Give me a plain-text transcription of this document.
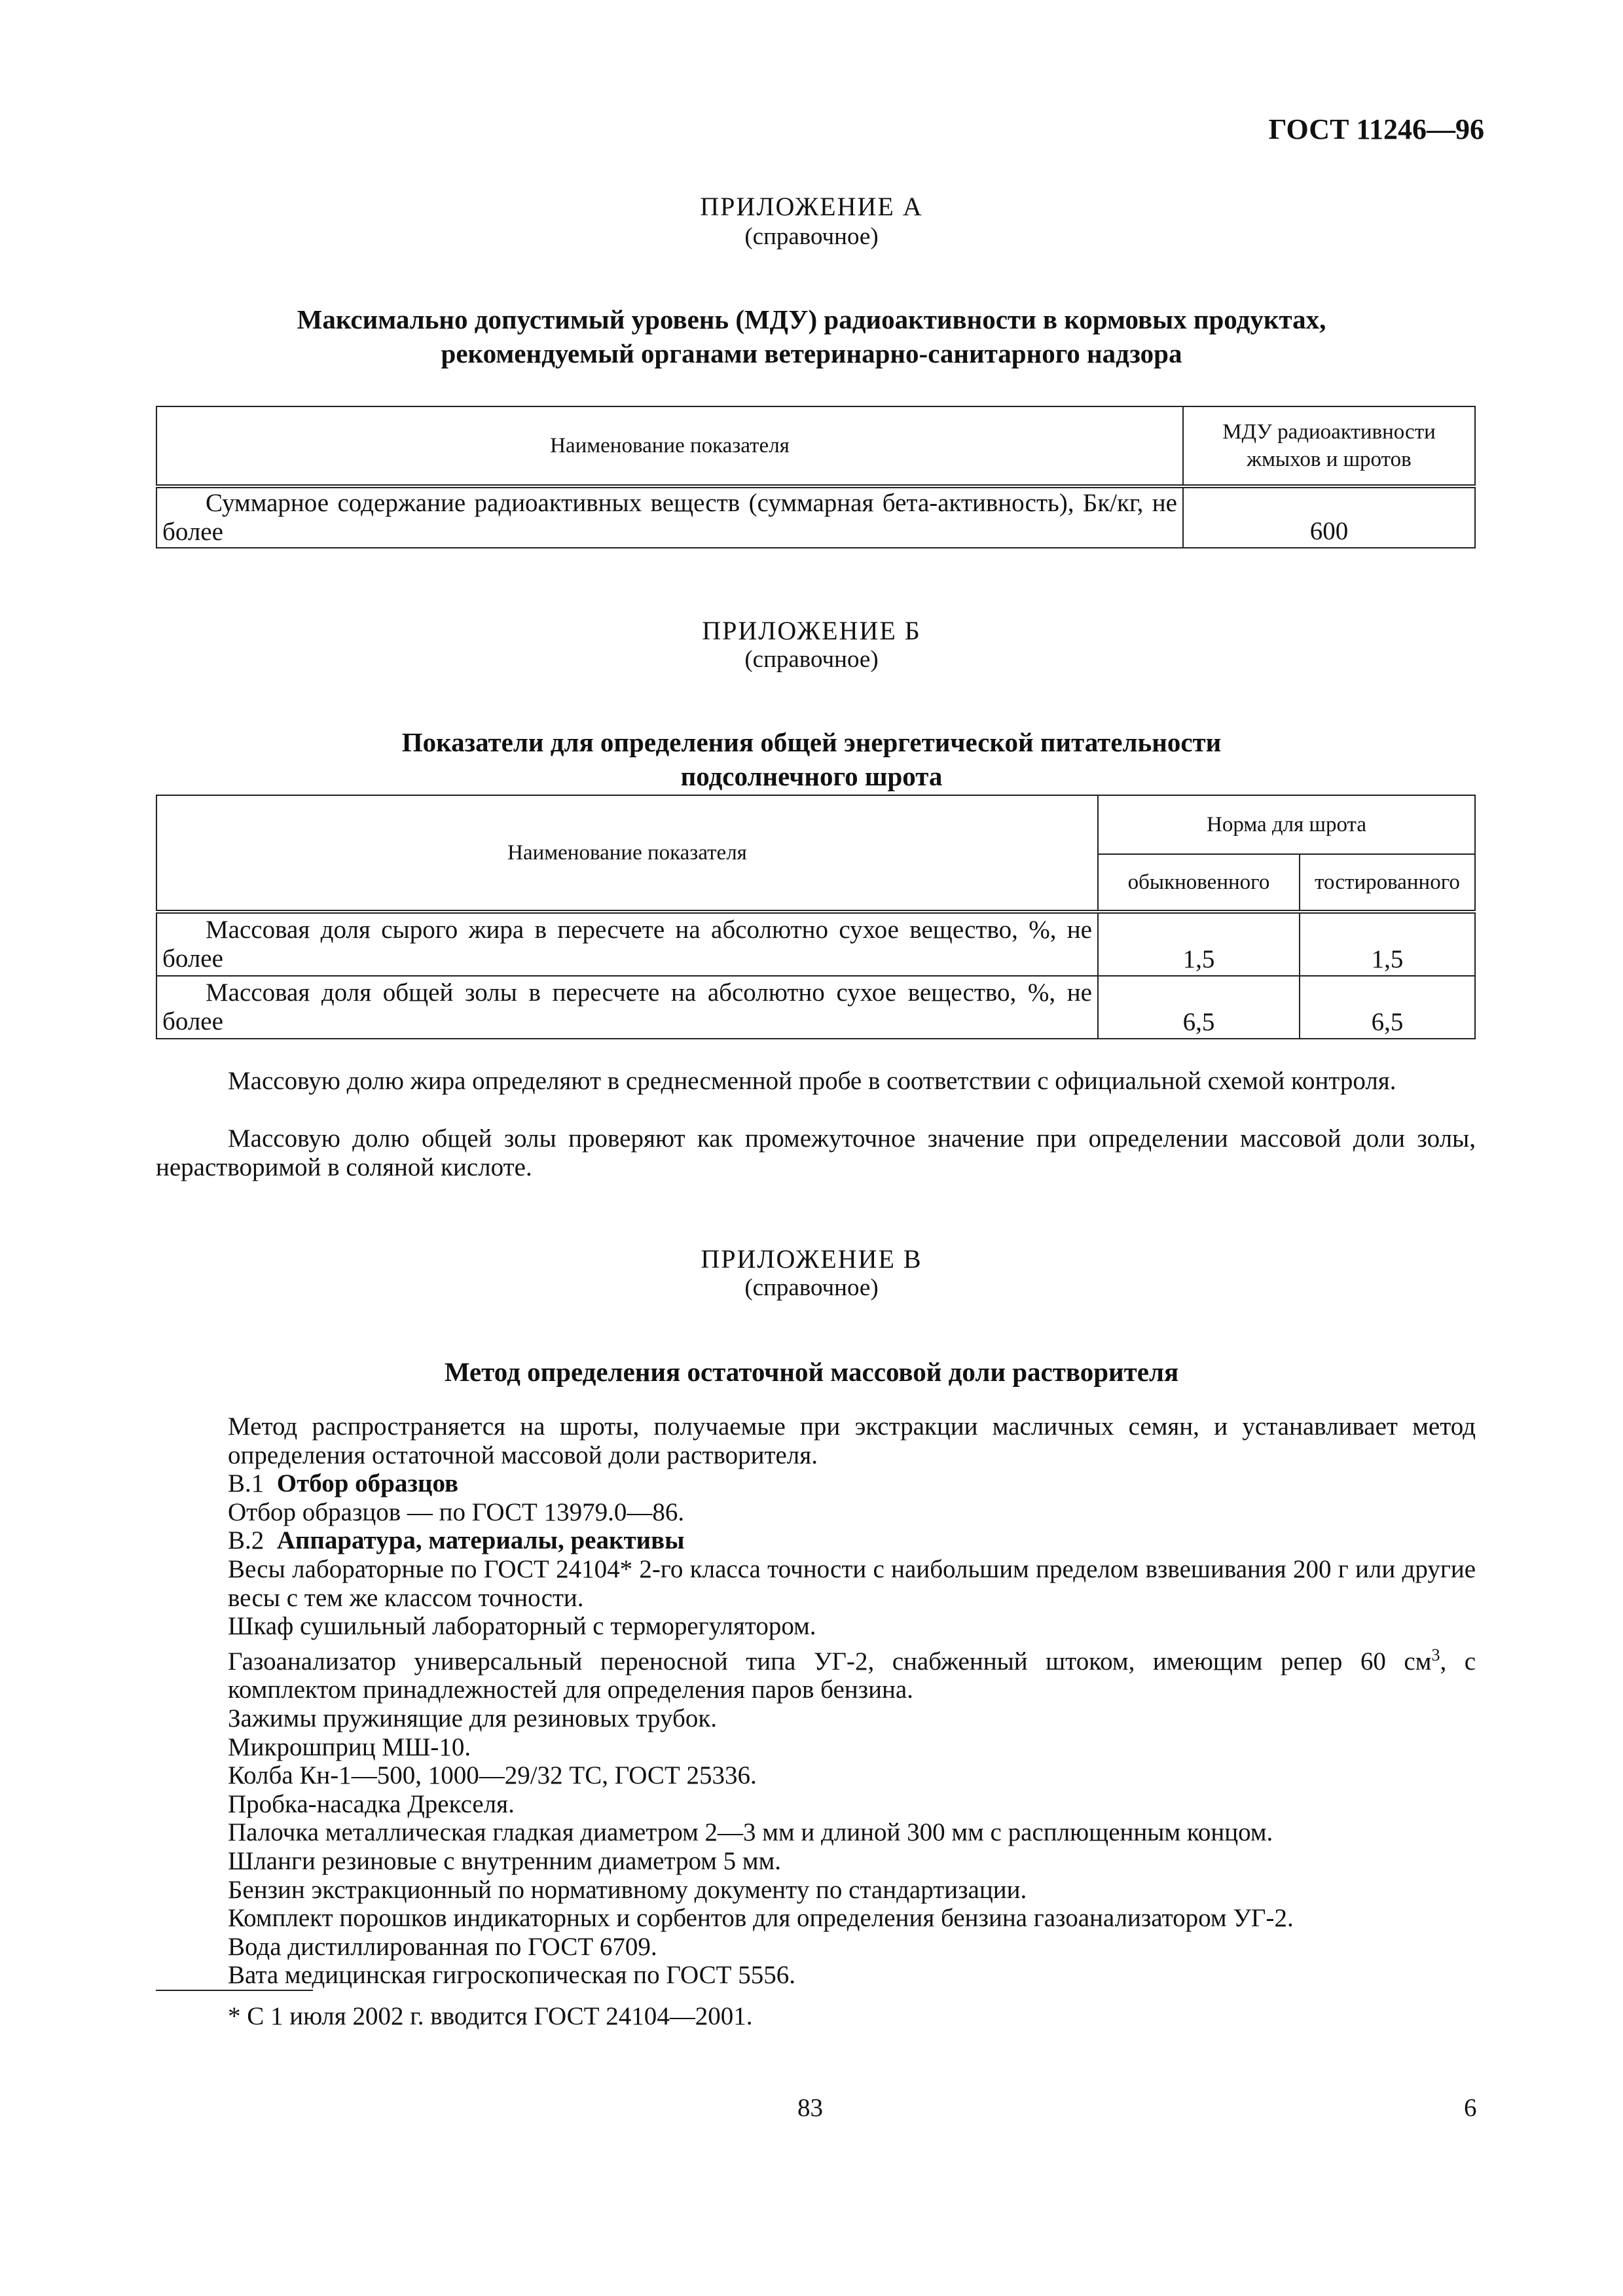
ГОСТ 11246—96
ПРИЛОЖЕНИЕ А
(справочное)
Максимально допустимый уровень (МДУ) радиоактивности в кормовых продуктах,
рекомендуемый органами ветеринарно-санитарного надзора
Наименование показателя	МДУ радиоактивности
жмыхов и шротов

Суммарное содержание радиоактивных веществ (суммарная бета-активность), Бк/кг, не более	600
ПРИЛОЖЕНИЕ Б
(справочное)
Показатели для определения общей энергетической питательности
подсолнечного шрота
Наименование показателя	Норма для шрота	
	обыкновенного	тостированного
Массовая доля сырого жира в пересчете на абсолютно сухое вещество, %, не более	1,5	1,5
Массовая доля общей золы в пересчете на абсолютно сухое вещество, %, не более	6,5	6,5
Массовую долю жира определяют в среднесменной пробе в соответствии с официальной схемой контроля.
Массовую долю общей золы проверяют как промежуточное значение при определении массовой доли золы, нерастворимой в соляной кислоте.
ПРИЛОЖЕНИЕ В
(справочное)
Метод определения остаточной массовой доли растворителя
Метод распространяется на шроты, получаемые при экстракции масличных семян, и устанавливает метод определения остаточной массовой доли растворителя.
В.1 Отбор образцов
Отбор образцов — по ГОСТ 13979.0—86.
В.2 Аппаратура, материалы, реактивы
Весы лабораторные по ГОСТ 24104* 2-го класса точности с наибольшим пределом взвешивания 200 г или другие весы с тем же классом точности.
Шкаф сушильный лабораторный с терморегулятором.
Газоанализатор универсальный переносной типа УГ-2, снабженный штоком, имеющим репер 60 $см^3$, с комплектом принадлежностей для определения паров бензина.
Зажимы пружинящие для резиновых трубок.
Микрошприц МШ-10.
Колба Кн-1—500, 1000—29/32 ТС, ГОСТ 25336.
Пробка-насадка Дрекселя.
Палочка металлическая гладкая диаметром 2—3 мм и длиной 300 мм с расплющенным концом.
Шланги резиновые с внутренним диаметром 5 мм.
Бензин экстракционный по нормативному документу по стандартизации.
Комплект порошков индикаторных и сорбентов для определения бензина газоанализатором УГ-2.
Вода дистиллированная по ГОСТ 6709.
Вата медицинская гигроскопическая по ГОСТ 5556.
* С 1 июля 2002 г. вводится ГОСТ 24104—2001.
83	6
